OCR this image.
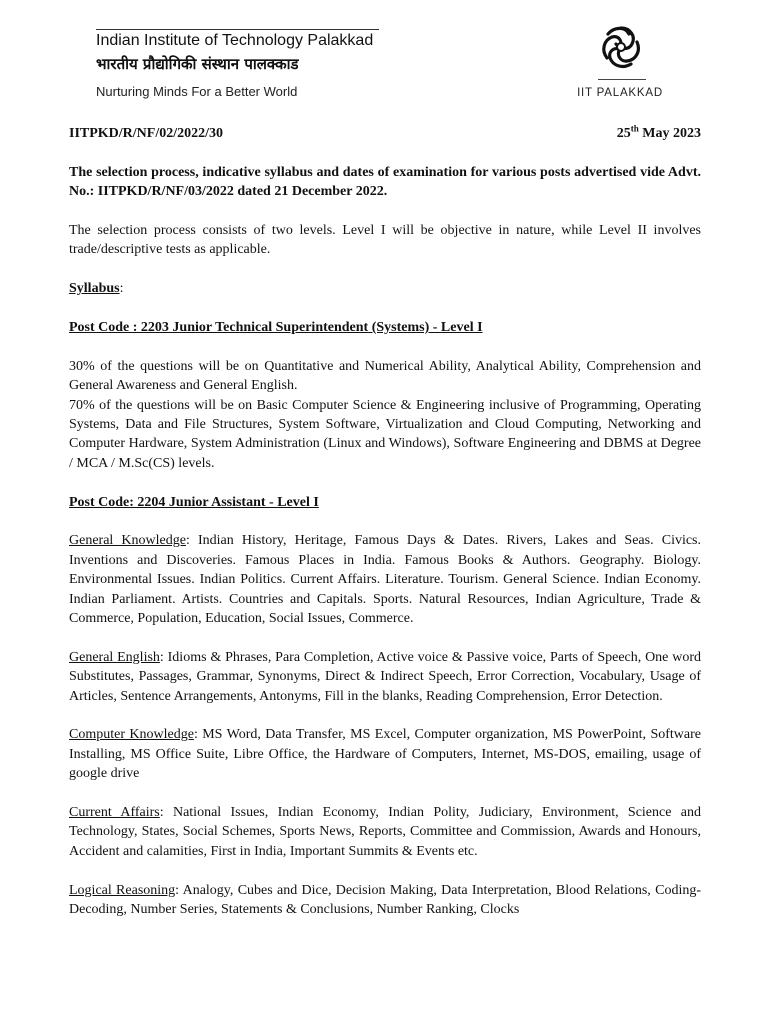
Indian Institute of Technology Palakkad
भारतीय प्रौद्योगिकी संस्थान पालक्काड
Nurturing Minds For a Better World	IIT PALAKKAD
IITPKD/R/NF/02/2022/30	25th May 2023

The selection process, indicative syllabus and dates of examination for various posts advertised vide Advt. No.: IITPKD/R/NF/03/2022 dated 21 December 2022.

The selection process consists of two levels. Level I will be objective in nature, while Level II involves trade/descriptive tests as applicable.

Syllabus:

Post Code : 2203 Junior Technical Superintendent (Systems) - Level I

30% of the questions will be on Quantitative and Numerical Ability, Analytical Ability, Comprehension and General Awareness and General English.

70% of the questions will be on Basic Computer Science & Engineering inclusive of Programming, Operating Systems, Data and File Structures, System Software, Virtualization and Cloud Computing, Networking and Computer Hardware, System Administration (Linux and Windows), Software Engineering and DBMS at Degree / MCA / M.Sc(CS) levels.

Post Code: 2204 Junior Assistant - Level I

General Knowledge: Indian History, Heritage, Famous Days & Dates. Rivers, Lakes and Seas. Civics. Inventions and Discoveries. Famous Places in India. Famous Books & Authors. Geography. Biology. Environmental Issues. Indian Politics. Current Affairs. Literature. Tourism. General Science. Indian Economy. Indian Parliament. Artists. Countries and Capitals. Sports. Natural Resources, Indian Agriculture, Trade & Commerce, Population, Education, Social Issues, Commerce.

General English: Idioms & Phrases, Para Completion, Active voice & Passive voice, Parts of Speech, One word Substitutes, Passages, Grammar, Synonyms, Direct & Indirect Speech, Error Correction, Vocabulary, Usage of Articles, Sentence Arrangements, Antonyms, Fill in the blanks, Reading Comprehension, Error Detection.

Computer Knowledge: MS Word, Data Transfer, MS Excel, Computer organization, MS PowerPoint, Software Installing, MS Office Suite, Libre Office, the Hardware of Computers, Internet, MS-DOS, emailing, usage of google drive

Current Affairs: National Issues, Indian Economy, Indian Polity, Judiciary, Environment, Science and Technology, States, Social Schemes, Sports News, Reports, Committee and Commission, Awards and Honours, Accident and calamities, First in India, Important Summits & Events etc.

Logical Reasoning: Analogy, Cubes and Dice, Decision Making, Data Interpretation, Blood Relations, Coding- Decoding, Number Series, Statements & Conclusions, Number Ranking, Clocks
